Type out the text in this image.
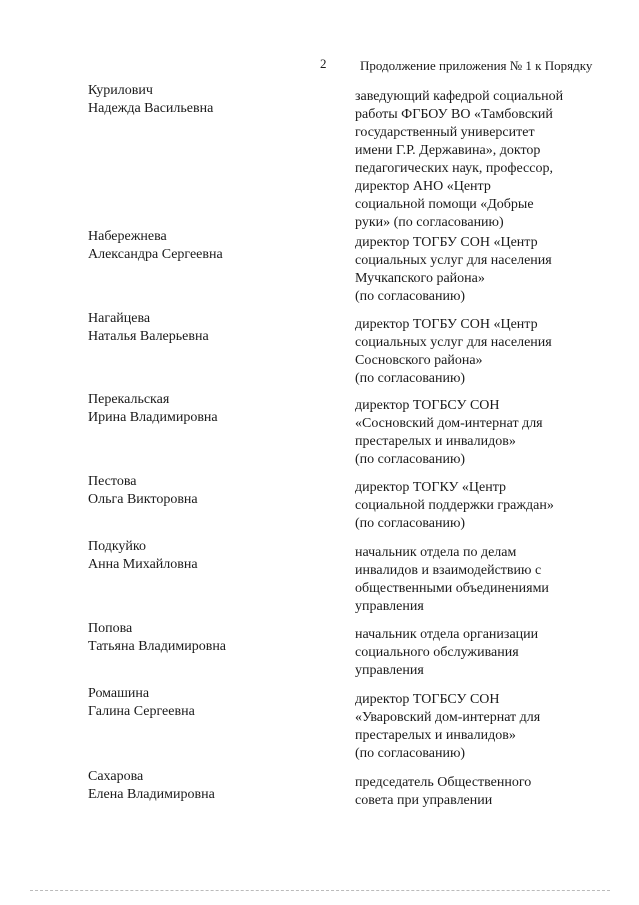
2	Продолжение приложения № 1 к Порядку
Курилович
Надежда Васильевна
заведующий кафедрой социальной
работы ФГБОУ ВО «Тамбовский
государственный университет
имени Г.Р. Державина», доктор
педагогических наук, профессор,
директор АНО «Центр
социальной помощи «Добрые
руки» (по согласованию)
Набережнева
Александра Сергеевна
директор ТОГБУ СОН «Центр
социальных услуг для населения
Мучкапского района»
(по согласованию)
Нагайцева
Наталья Валерьевна
директор ТОГБУ СОН «Центр
социальных услуг для населения
Сосновского района»
(по согласованию)
Перекальская
Ирина Владимировна
директор ТОГБСУ СОН
«Сосновский дом-интернат для
престарелых и инвалидов»
(по согласованию)
Пестова
Ольга Викторовна
директор ТОГКУ «Центр
социальной поддержки граждан»
(по согласованию)
Подкуйко
Анна Михайловна
начальник отдела по делам
инвалидов и взаимодействию с
общественными объединениями
управления
Попова
Татьяна Владимировна
начальник отдела организации
социального обслуживания
управления
Ромашина
Галина Сергеевна
директор ТОГБСУ СОН
«Уваровский дом-интернат для
престарелых и инвалидов»
(по согласованию)
Сахарова
Елена Владимировна
председатель Общественного
совета при управлении
